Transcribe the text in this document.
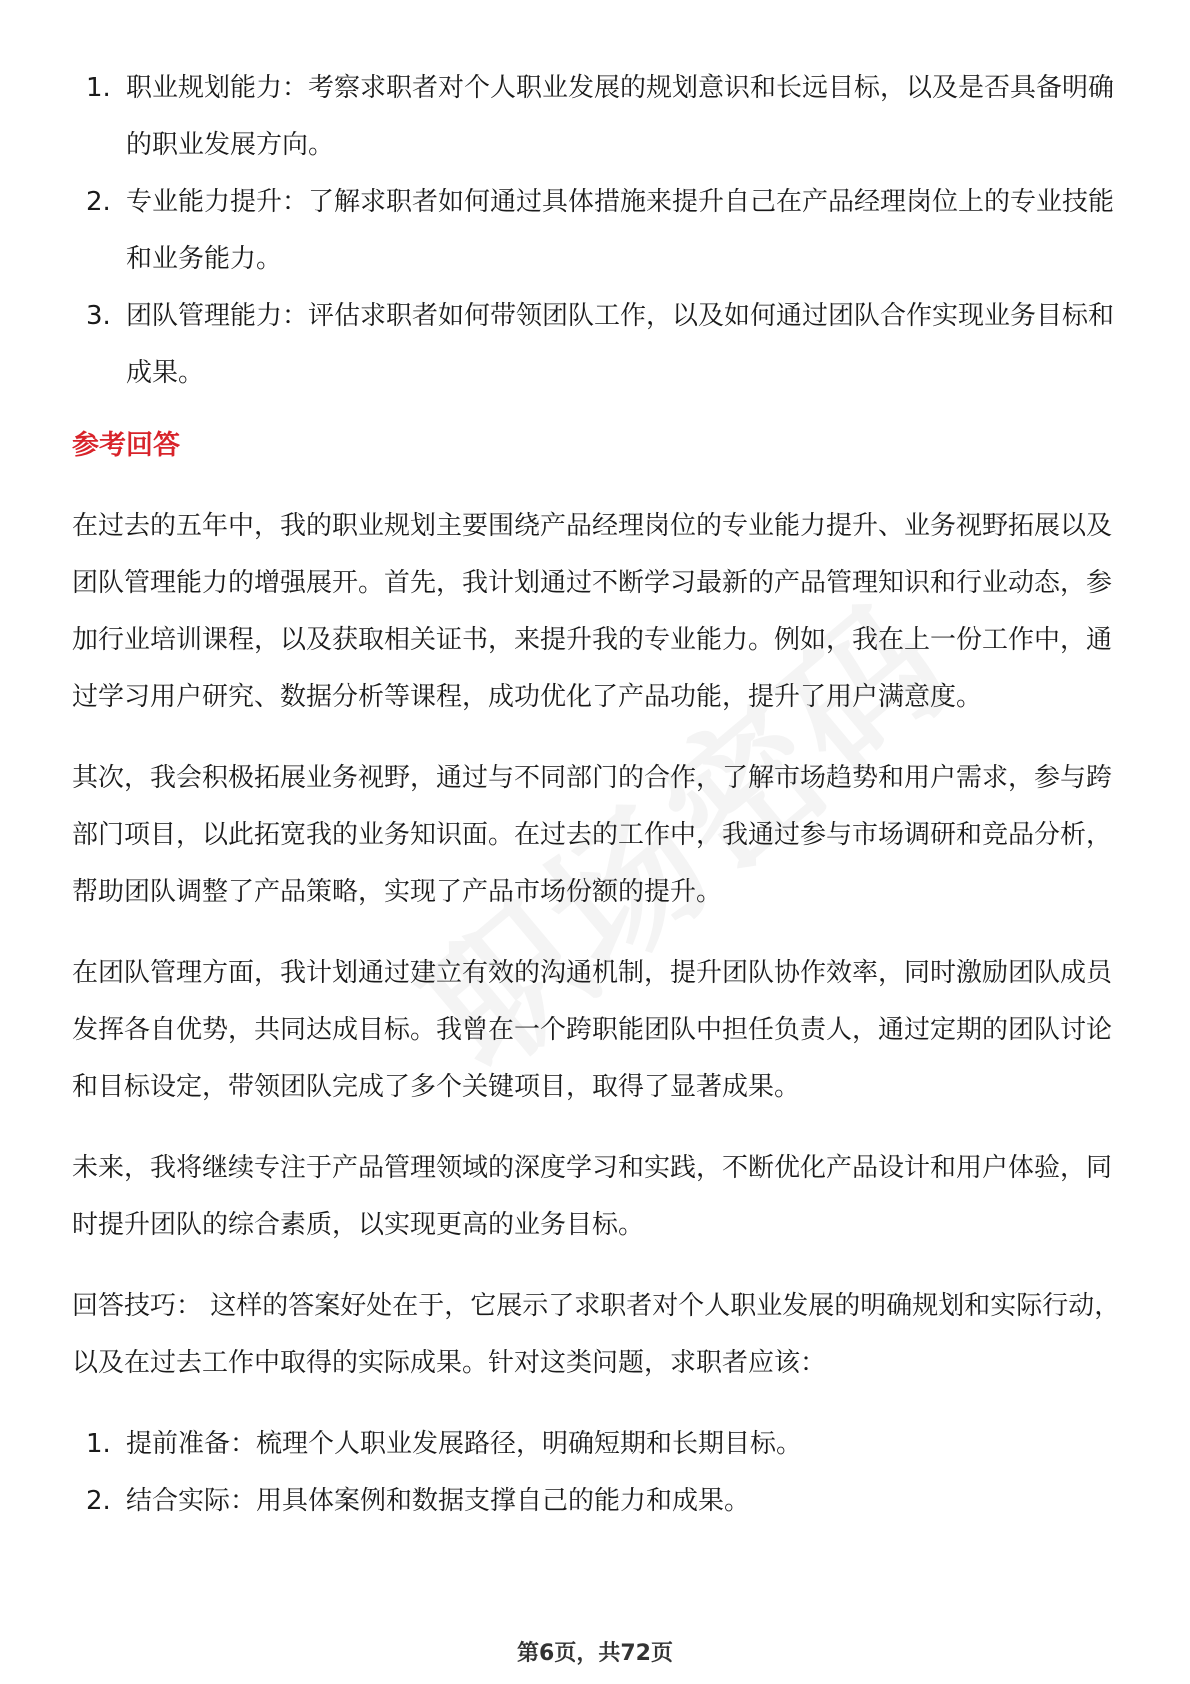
1. 职业规划能力：考察求职者对个人职业发展的规划意识和长远目标，以及是否具备明确的职业发展方向。
2. 专业能力提升：了解求职者如何通过具体措施来提升自己在产品经理岗位上的专业技能和业务能力。
3. 团队管理能力：评估求职者如何带领团队工作，以及如何通过团队合作实现业务目标和成果。
参考回答

在过去的五年中，我的职业规划主要围绕产品经理岗位的专业能力提升、业务视野拓展以及团队管理能力的增强展开。首先，我计划通过不断学习最新的产品管理知识和行业动态，参加行业培训课程，以及获取相关证书，来提升我的专业能力。例如，我在上一份工作中，通过学习用户研究、数据分析等课程，成功优化了产品功能，提升了用户满意度。

其次，我会积极拓展业务视野，通过与不同部门的合作，了解市场趋势和用户需求，参与跨部门项目，以此拓宽我的业务知识面。在过去的工作中，我通过参与市场调研和竞品分析，帮助团队调整了产品策略，实现了产品市场份额的提升。

在团队管理方面，我计划通过建立有效的沟通机制，提升团队协作效率，同时激励团队成员发挥各自优势，共同达成目标。我曾在一个跨职能团队中担任负责人，通过定期的团队讨论和目标设定，带领团队完成了多个关键项目，取得了显著成果。

未来，我将继续专注于产品管理领域的深度学习和实践，不断优化产品设计和用户体验，同时提升团队的综合素质，以实现更高的业务目标。

回答技巧： 这样的答案好处在于，它展示了求职者对个人职业发展的明确规划和实际行动，以及在过去工作中取得的实际成果。针对这类问题，求职者应该：

1. 提前准备：梳理个人职业发展路径，明确短期和长期目标。
2. 结合实际：用具体案例和数据支撑自己的能力和成果。
第6页，共72页
